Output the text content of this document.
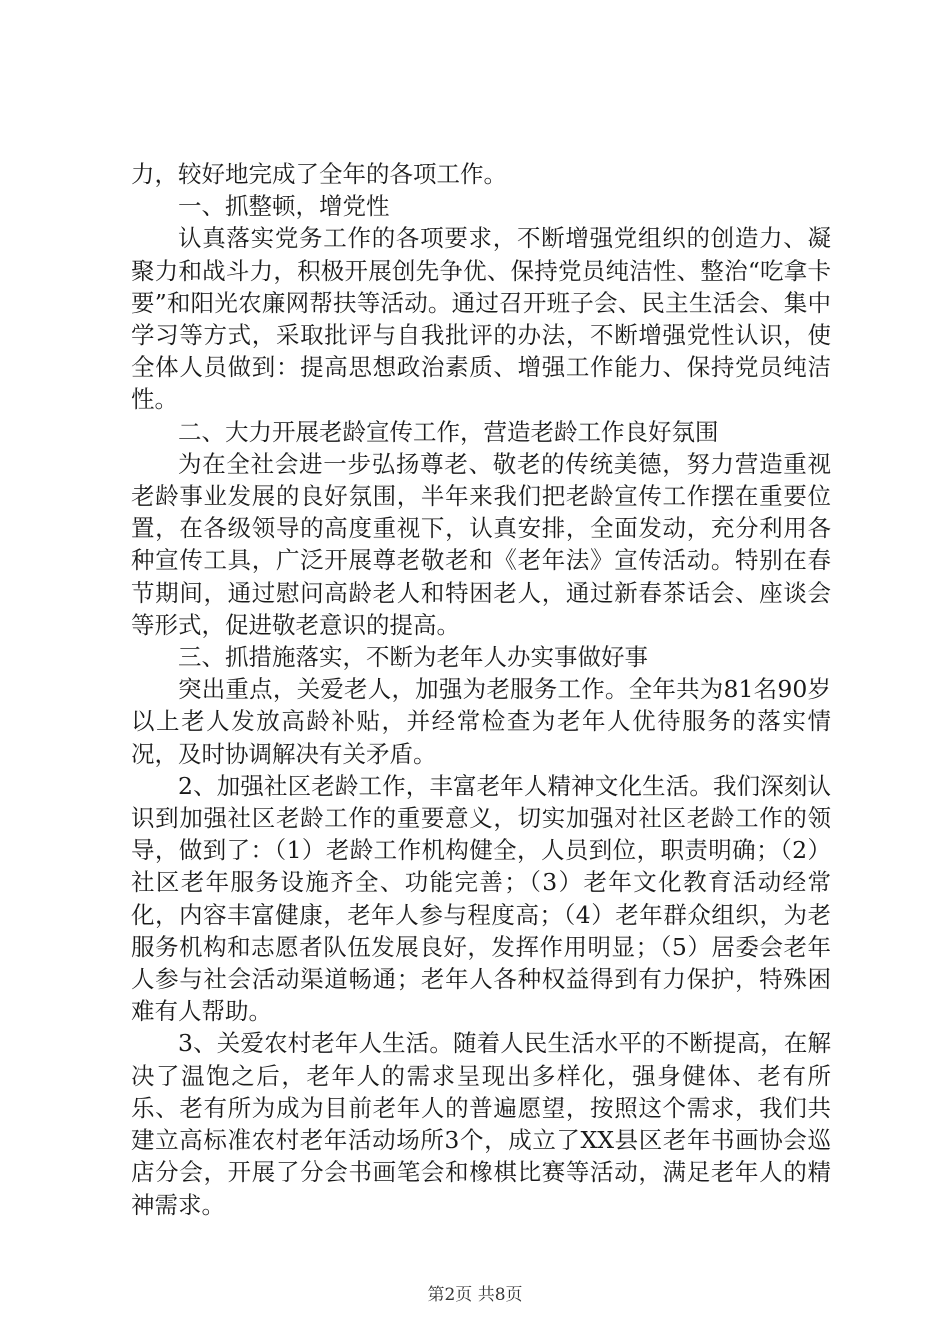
力，较好地完成了全年的各项工作。

一、抓整顿，增党性

认真落实党务工作的各项要求，不断增强党组织的创造力、凝聚力和战斗力，积极开展创先争优、保持党员纯洁性、整治“吃拿卡要”和阳光农廉网帮扶等活动。通过召开班子会、民主生活会、集中学习等方式，采取批评与自我批评的办法，不断增强党性认识，使全体人员做到：提高思想政治素质、增强工作能力、保持党员纯洁性。

二、大力开展老龄宣传工作，营造老龄工作良好氛围

为在全社会进一步弘扬尊老、敬老的传统美德，努力营造重视老龄事业发展的良好氛围，半年来我们把老龄宣传工作摆在重要位置，在各级领导的高度重视下，认真安排，全面发动，充分利用各种宣传工具，广泛开展尊老敬老和《老年法》宣传活动。特别在春节期间，通过慰问高龄老人和特困老人，通过新春茶话会、座谈会等形式，促进敬老意识的提高。

三、抓措施落实，不断为老年人办实事做好事

突出重点，关爱老人，加强为老服务工作。全年共为81名90岁以上老人发放高龄补贴，并经常检查为老年人优待服务的落实情况，及时协调解决有关矛盾。

2、加强社区老龄工作，丰富老年人精神文化生活。我们深刻认识到加强社区老龄工作的重要意义，切实加强对社区老龄工作的领导，做到了：（1）老龄工作机构健全，人员到位，职责明确；（2）社区老年服务设施齐全、功能完善；（3）老年文化教育活动经常化，内容丰富健康，老年人参与程度高；（4）老年群众组织，为老服务机构和志愿者队伍发展良好，发挥作用明显；（5）居委会老年人参与社会活动渠道畅通；老年人各种权益得到有力保护，特殊困难有人帮助。

3、关爱农村老年人生活。随着人民生活水平的不断提高，在解决了温饱之后，老年人的需求呈现出多样化，强身健体、老有所乐、老有所为成为目前老年人的普遍愿望，按照这个需求，我们共建立高标准农村老年活动场所3个，成立了XX县区老年书画协会巡店分会，开展了分会书画笔会和橡棋比赛等活动，满足老年人的精神需求。

第2页 共8页
